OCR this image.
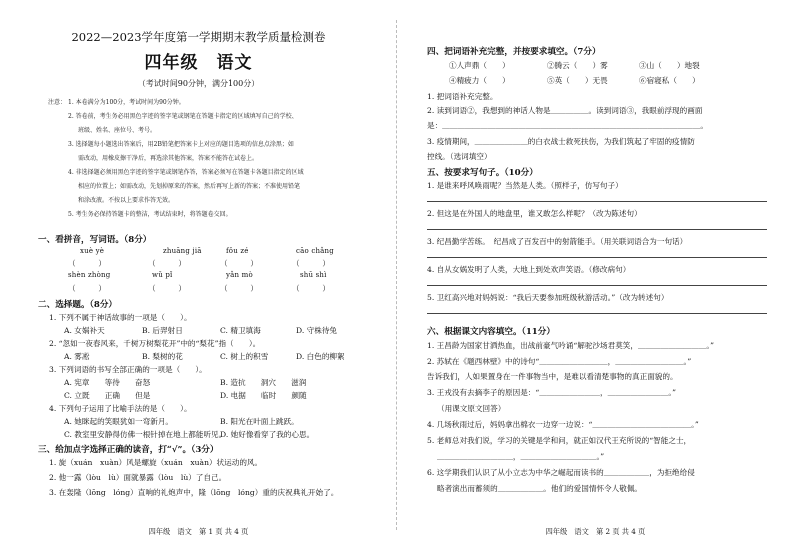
2022—2023学年度第一学期期末教学质量检测卷
四年级　语文
（考试时间90分钟，满分100分）
注意： 1. 本卷满分为100分，考试时间为90分钟。
2. 答卷前，考生务必用黑色字迹的签字笔或钢笔在答题卡指定的区域填写自己的学校、
班级、姓名、座位号、考号。
3. 选择题每小题选出答案后，用2B铅笔把答案卡上对应的题目选项的信息点涂黑；如
需改动，用橡皮擦干净后，再选涂其他答案，答案不能答在试卷上。
4. 非选择题必须用黑色字迹的签字笔或钢笔作答，答案必须写在答题卡各题目指定的区域
相应的位置上；如需改动，先划掉原来的答案，然后再写上新的答案；不准使用铅笔
和涂改液。不按以上要求作答无效。
5. 考生务必保持答题卡的整洁，考试结束时，将答题卷交回。
一、看拼音，写词语。（8分）
xuè yè	zhuāng jiā	fǒu zé	cāo chǎng
（　　　）	（　　　）	（　　　）	（　　　）
shèn zhòng	wǔ pǐ	yǎn mò	shū shì
（　　　）	（　　　）	（　　　）	（　　　）
二、选择题。（8分）
1. 下列不属于神话故事的一项是（　　）。
A. 女娲补天	B. 后羿射日	C. 精卫填海	D. 守株待兔
2. “忽如一夜春风来，千树万树梨花开”中的“梨花”指（　　）。
A. 雾凇	B. 梨树的花	C. 树上的积雪	D. 白色的柳絮
3. 下列词语的书写全部正确的一项是（　　）。
A. 宪章　　等待　　奋怒	B. 造抗　　洞穴　　滋润
C. 立既　　正确　　但是	D. 电据　　临时　　颜随
4. 下列句子运用了比喻手法的是（　　）。
A. 她眯起的笑眼犹如一弯新月。	B. 阳光在叶面上跳跃。
C. 教室里安静得仿佛一根针掉在地上都能听见。
D. 她好像看穿了我的心思。
三、给加点字选择正确的读音，打“√”。（3分）
1. 旋（xuán　xuàn）风是螺旋（xuán　xuàn）状运动的风。
2. 他一露（lòu　lù）面就暴露（lòu　lù）了自己。
3. 在轰隆（lōng　lóng）直响的礼炮声中，隆（lōng　lóng）重的庆祝典礼开始了。
四年级　语文　第 1 页 共 4 页
四、把词语补充完整，并按要求填空。（7分）
①人声鼎（　　）	②腾云（　　）雾	③山（　　）地裂
④精疲力（　　）	⑤英（　　）无畏	⑥宿寝私（　　）
1. 把词语补充完整。
2. 读到词语②，我想到的神话人物是＿＿＿＿＿。读到词语③，我眼前浮现的画面
是：＿＿＿＿＿＿＿＿＿＿＿＿＿＿＿＿＿＿＿＿＿＿＿＿＿＿＿＿＿＿＿＿＿＿。
3. 疫情期间，＿＿＿＿＿＿＿的白衣战士救死扶伤，为我们筑起了牢固的疫情防
控线。（选词填空）
五、按要求写句子。（10分）
1. 是谁来呼风唤雨呢？当然是人类。（照样子，仿写句子）
2. 但这是在外国人的地盘里，谁又敢怎么样呢？（改为陈述句）
3. 纪昌勤学苦练。　纪昌成了百发百中的射箭能手。（用关联词语合为一句话）
4. 自从女娲发明了人类，大地上到处欢声笑语。（修改病句）
5. 卫红高兴地对妈妈说：“我后天要参加班级秋游活动。”（改为转述句）
六、根据课文内容填空。（11分）
1. 王昌龄为国家甘洒热血，出战前豪气吟诵“解驼沙场君莫笑，＿＿＿＿＿＿＿＿＿。”
2. 苏轼在《题西林壁》中的诗句“＿＿＿＿＿＿＿＿＿，＿＿＿＿＿＿＿＿＿。”
告诉我们，人如果置身在一件事物当中，是难以看清楚事物的真正面貌的。
3. 王戎没有去摘李子的原因是：“＿＿＿＿＿＿＿＿，＿＿＿＿＿＿＿＿。”
（用课文原文回答）
4. 几场秋雨过后，妈妈拿出棉衣一边穿一边说：“＿＿＿＿＿＿＿＿＿＿＿＿＿。”
5. 老师总对我们说，学习的关键是学和问，就正如汉代王充所说的“智能之士，
＿＿＿＿＿＿＿＿＿＿，＿＿＿＿＿＿＿＿＿＿。”
6. 这学期我们认识了从小立志为中华之崛起而读书的＿＿＿＿＿＿，为拒绝给侵
略者演出而蓄须的＿＿＿＿＿＿。他们的爱国情怀令人敬佩。
四年级　语文　第 2 页 共 4 页
